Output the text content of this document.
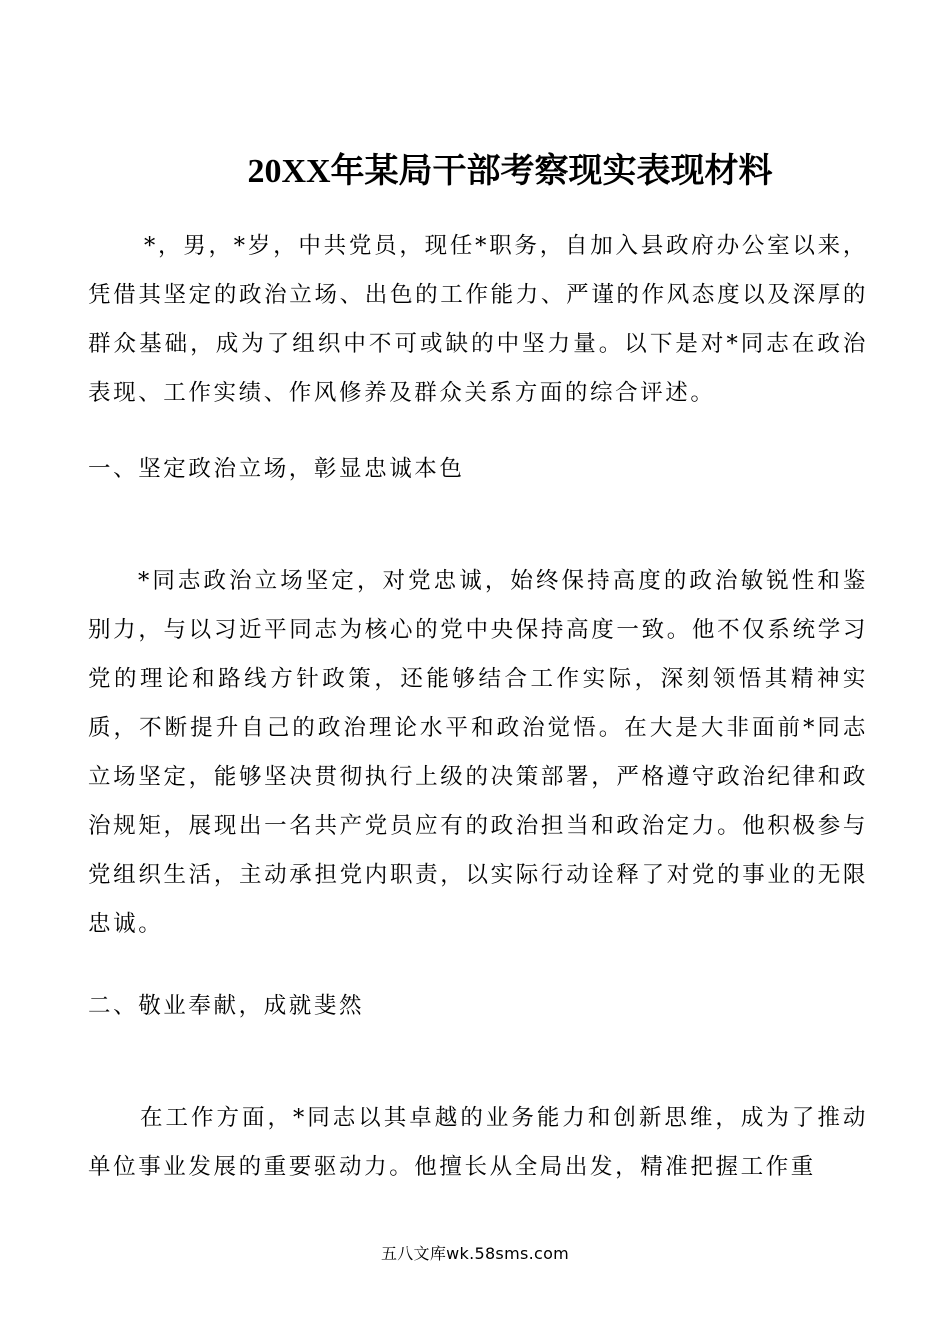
20XX年某局干部考察现实表现材料

*，男，*岁，中共党员，现任*职务，自加入县政府办公室以来，凭借其坚定的政治立场、出色的工作能力、严谨的作风态度以及深厚的群众基础，成为了组织中不可或缺的中坚力量。以下是对*同志在政治表现、工作实绩、作风修养及群众关系方面的综合评述。

一、坚定政治立场，彰显忠诚本色

*同志政治立场坚定，对党忠诚，始终保持高度的政治敏锐性和鉴别力，与以习近平同志为核心的党中央保持高度一致。他不仅系统学习党的理论和路线方针政策，还能够结合工作实际，深刻领悟其精神实质，不断提升自己的政治理论水平和政治觉悟。在大是大非面前*同志立场坚定，能够坚决贯彻执行上级的决策部署，严格遵守政治纪律和政治规矩，展现出一名共产党员应有的政治担当和政治定力。他积极参与党组织生活，主动承担党内职责，以实际行动诠释了对党的事业的无限忠诚。

二、敬业奉献，成就斐然

在工作方面，*同志以其卓越的业务能力和创新思维，成为了推动单位事业发展的重要驱动力。他擅长从全局出发，精准把握工作重

五八文库wk.58sms.com
